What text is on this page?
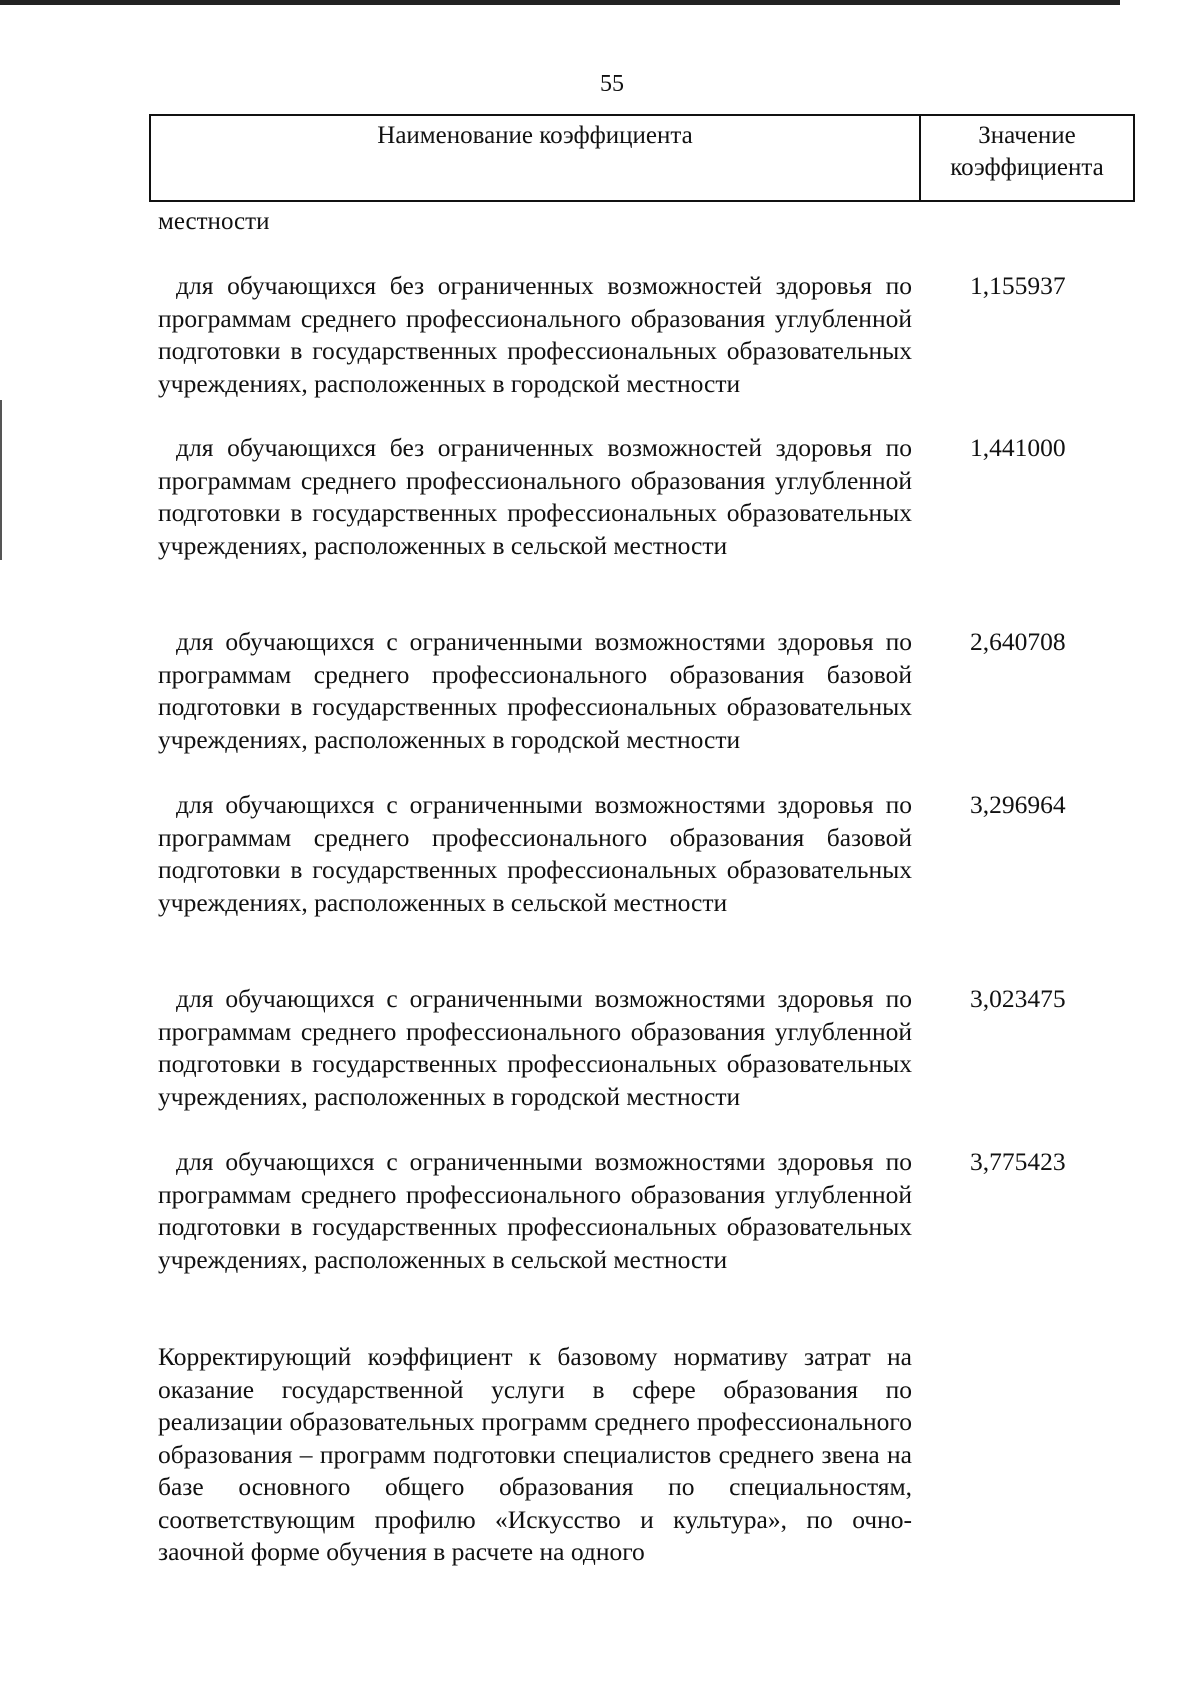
55
Наименование коэффициента	Значение коэффициента
местности
для обучающихся без ограниченных возможностей здоровья по программам среднего профессионального образования углубленной подготовки в государственных профессиональных образовательных учреждениях, расположенных в городской местности
1,155937
для обучающихся без ограниченных возможностей здоровья по программам среднего профессионального образования углубленной подготовки в государственных профессиональных образовательных учреждениях, расположенных в сельской местности
1,441000
для обучающихся с ограниченными возможностями здоровья по программам среднего профессионального образования базовой подготовки в государственных профессиональных образовательных учреждениях, расположенных в городской местности
2,640708
для обучающихся с ограниченными возможностями здоровья по программам среднего профессионального образования базовой подготовки в государственных профессиональных образовательных учреждениях, расположенных в сельской местности
3,296964
для обучающихся с ограниченными возможностями здоровья по программам среднего профессионального образования углубленной подготовки в государственных профессиональных образовательных учреждениях, расположенных в городской местности
3,023475
для обучающихся с ограниченными возможностями здоровья по программам среднего профессионального образования углубленной подготовки в государственных профессиональных образовательных учреждениях, расположенных в сельской местности
3,775423
Корректирующий коэффициент к базовому нормативу затрат на оказание государственной услуги в сфере образования по реализации образовательных программ среднего профессионального образования – программ подготовки специалистов среднего звена на базе основного общего образования по специальностям, соответствующим профилю «Искусство и культура», по очно-заочной форме обучения в расчете на одного
